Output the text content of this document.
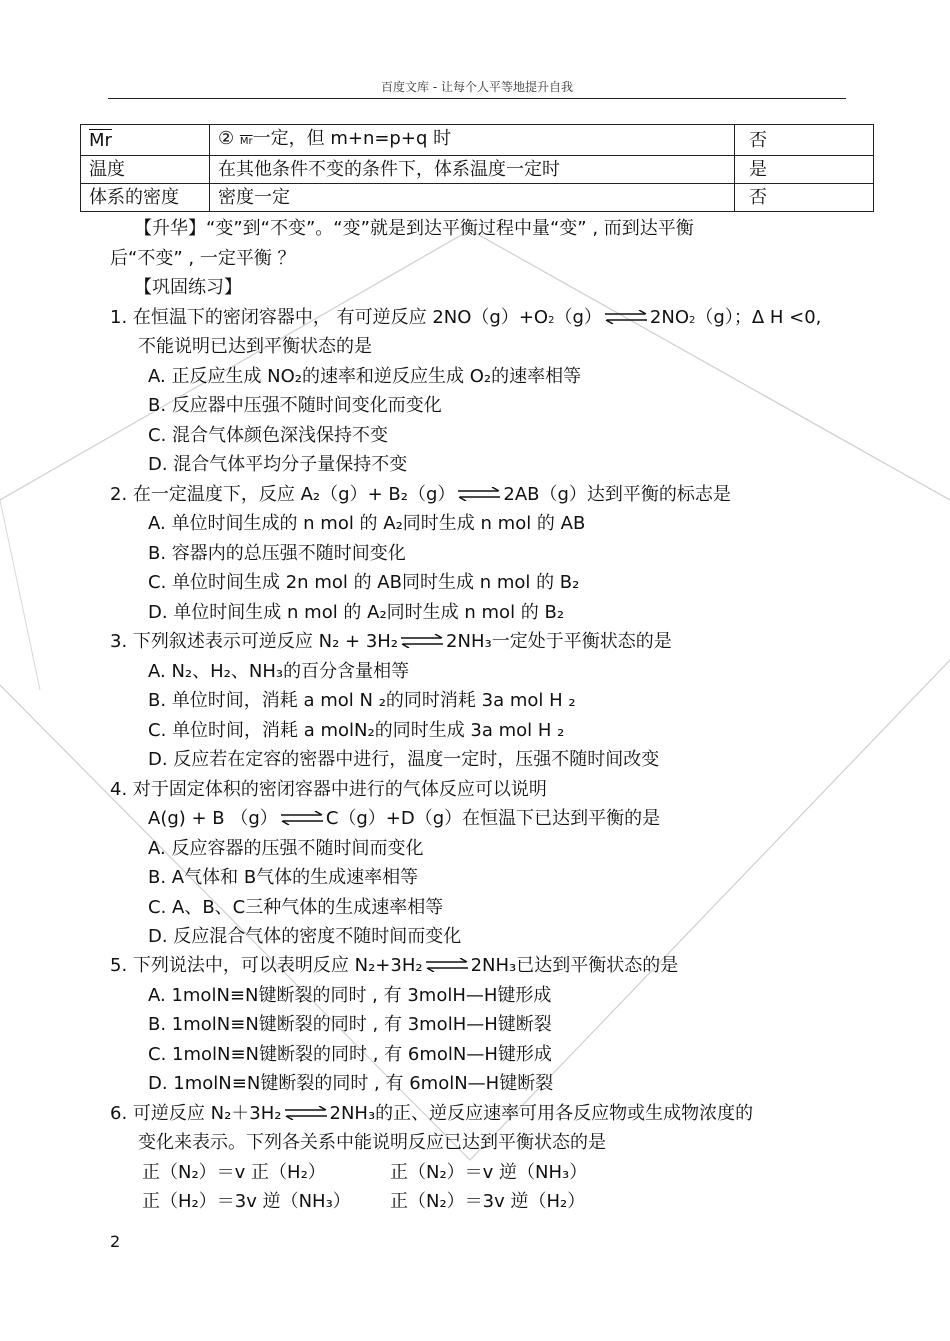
百度文库 - 让每个人平等地提升自我
$\overline{Mr}$	② $\overline{Mr}$一定，但 m+n=p+q 时	否
温度	在其他条件不变的条件下，体系温度一定时	是
体系的密度	密度一定	否
【升华】“变”到“不变”。“变”就是到达平衡过程中量“变” , 而到达平衡
后“不变” , 一定平衡 ？
【巩固练习】
1. 在恒温下的密闭容器中， 有可逆反应 2NO（g）+O2（g） ⇌ 2NO2（g）；Δ H <0,
不能说明已达到平衡状态的是
A. 正反应生成 NO₂的速率和逆反应生成 O₂的速率相等
B. 反应器中压强不随时间变化而变化
C. 混合气体颜色深浅保持不变
D. 混合气体平均分子量保持不变
2. 在一定温度下，反应 A₂（g）+ B₂（g） ⇌ 2AB（g）达到平衡的标志是
A. 单位时间生成的 n mol 的 A₂同时生成 n mol 的 AB
B. 容器内的总压强不随时间变化
C. 单位时间生成 2n mol 的 AB同时生成 n mol 的 B₂
D. 单位时间生成 n mol 的 A₂同时生成 n mol 的 B₂
3. 下列叙述表示可逆反应 N₂ + 3H₂ ⇌ 2NH₃一定处于平衡状态的是
A. N₂、H₂、NH₃的百分含量相等
B. 单位时间，消耗 a mol N ₂的同时消耗 3a mol H ₂
C. 单位时间，消耗 a molN₂的同时生成 3a mol H ₂
D. 反应若在定容的密器中进行，温度一定时，压强不随时间改变
4. 对于固定体积的密闭容器中进行的气体反应可以说明
A(g) + B （g） ⇌ C（g）+D（g）在恒温下已达到平衡的是
A. 反应容器的压强不随时间而变化
B. A气体和 B气体的生成速率相等
C. A、B、C三种气体的生成速率相等
D. 反应混合气体的密度不随时间而变化
5. 下列说法中，可以表明反应 N₂+3H₂ ⇌ 2NH₃已达到平衡状态的是
A. 1molN≡N键断裂的同时 , 有 3molH—H键形成
B. 1molN≡N键断裂的同时 , 有 3molH—H键断裂
C. 1molN≡N键断裂的同时 , 有 6molN—H键形成
D. 1molN≡N键断裂的同时 , 有 6molN—H键断裂
6. 可逆反应 N₂＋3H₂ ⇌ 2NH₃的正、逆反应速率可用各反应物或生成物浓度的
变化来表示。下列各关系中能说明反应已达到平衡状态的是
正（N₂）＝v 正（H₂）	正（N₂）＝v 逆（NH₃）
正（H₂）＝3v 逆（NH₃） 正（N₂）＝3v 逆（H₂）
2
